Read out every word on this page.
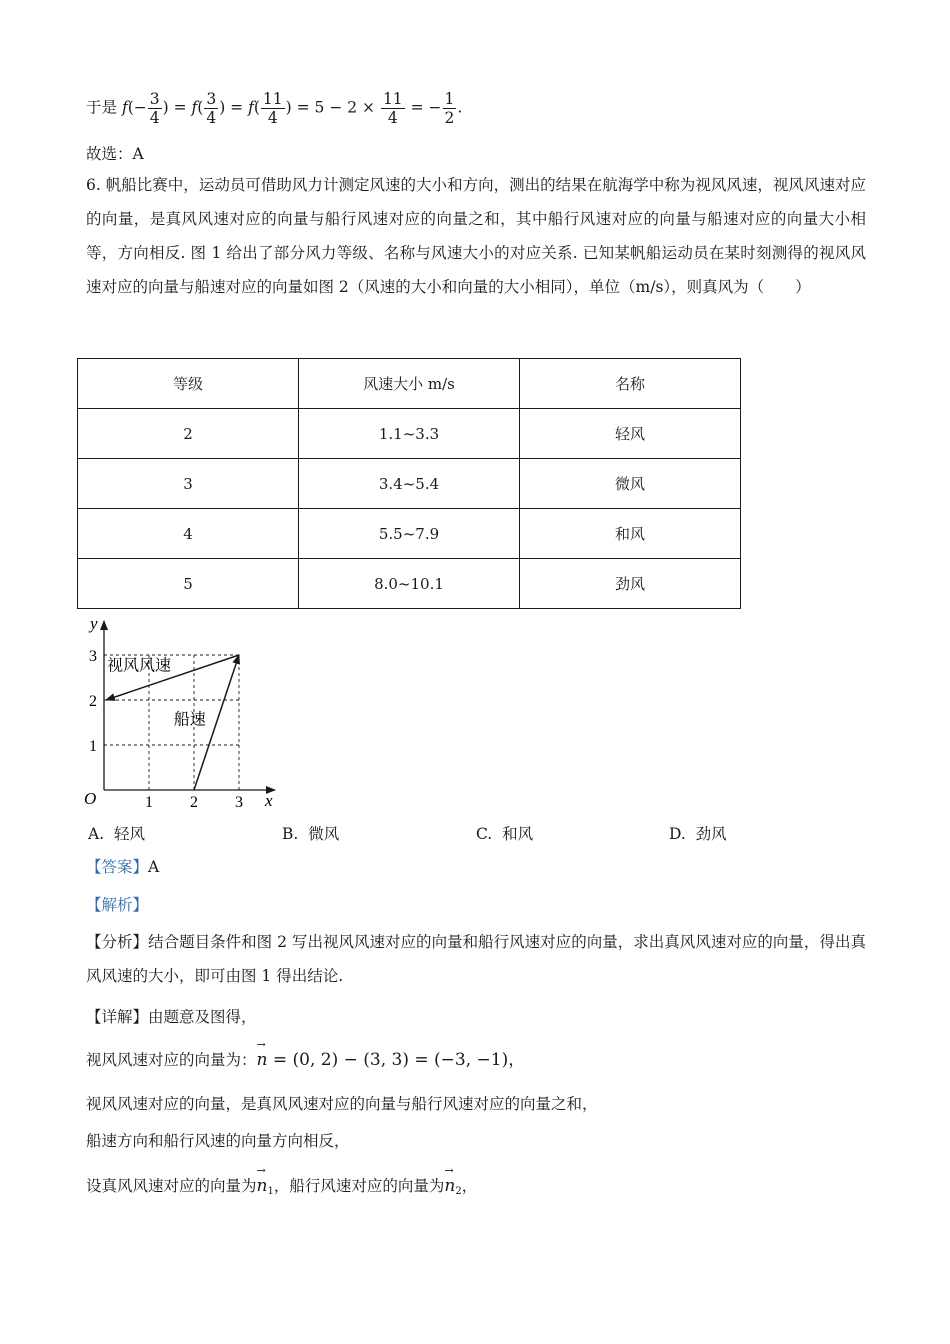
于是 $f(- \frac{3}{4}$ ) = $f( \frac{3}{4}$ ) = $f( \frac{11}{4}$ ) = $5 - 2 \times \frac{11}{4}$ = − $\frac{1}{2}$ .
故选：A
6. 帆船比赛中，运动员可借助风力计测定风速的大小和方向，测出的结果在航海学中称为视风风速，视风风速对应的向量，是真风风速对应的向量与船行风速对应的向量之和，其中船行风速对应的向量与船速对应的向量大小相等，方向相反. 图 1 给出了部分风力等级、名称与风速大小的对应关系. 已知某帆船运动员在某时刻测得的视风风速对应的向量与船速对应的向量如图 2（风速的大小和向量的大小相同），单位（m/s），则真风为（　　）
等级	风速大小 m/s	名称
2	1.1~3.3	轻风
3	3.4~5.4	微风
4	5.5~7.9	和风
5	8.0~10.1	劲风
y
x
O	1 2 3
1
2
3 视风风速
船速
A. 轻风	B. 微风	C. 和风	D. 劲风
【答案】A
【解析】
【分析】结合题目条件和图 2 写出视风风速对应的向量和船行风速对应的向量，求出真风风速对应的向量，得出真风风速的大小，即可由图 1 得出结论.
【详解】由题意及图得，
视风风速对应的向量为：→ n = (0, 2) − (3, 3) = (−3, −1)，
视风风速对应的向量，是真风风速对应的向量与船行风速对应的向量之和，
船速方向和船行风速的向量方向相反，
设真风风速对应的向量为→ $n_1$，船行风速对应的向量为→ $n_2$，
